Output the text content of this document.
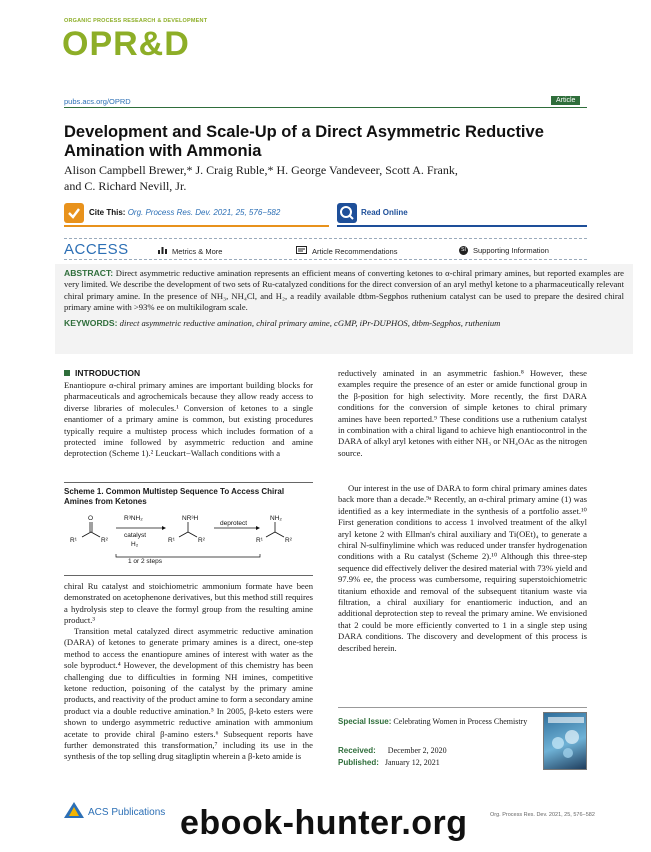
ORGANIC PROCESS RESEARCH & DEVELOPMENT
OPR&D
pubs.acs.org/OPRD	Article
Development and Scale-Up of a Direct Asymmetric Reductive
Amination with Ammonia
Alison Campbell Brewer,* J. Craig Ruble,* H. George Vandeveer, Scott A. Frank,
and C. Richard Nevill, Jr.
Cite This: Org. Process Res. Dev. 2021, 25, 576−582	Read Online
ACCESS	Metrics & More	Article Recommendations	SI Supporting Information

ABSTRACT: Direct asymmetric reductive amination represents an efficient means of converting ketones to α-chiral primary amines, but reported examples are very limited. We describe the development of two sets of Ru-catalyzed conditions for the direct conversion of an aryl methyl ketone to a pharmaceutically relevant chiral primary amine. In the presence of NH₃, NH₄Cl, and H₂, a readily available dtbm-Segphos ruthenium catalyst can be used to prepare the desired chiral primary amine with >93% ee on multikilogram scale.

KEYWORDS: direct asymmetric reductive amination, chiral primary amine, cGMP, iPr-DUPHOS, dtbm-Segphos, ruthenium

INTRODUCTION
Enantiopure α-chiral primary amines are important building blocks for pharmaceuticals and agrochemicals because they allow ready access to diverse libraries of molecules.¹ Conversion of ketones to a single enantiomer of a primary amine is common, but existing procedures typically require a multistep process which includes formation of a protected imine followed by asymmetric reduction and amine deprotection (Scheme 1).² Leuckart−Wallach conditions with a
Scheme 1. Common Multistep Sequence To Access Chiral Amines from Ketones
O
R¹	R²
R³NH₂
catalyst
H₂
NR³H
R¹	R²
deprotect
NH₂
R¹	R²
1 or 2 steps
chiral Ru catalyst and stoichiometric ammonium formate have been demonstrated on acetophenone derivatives, but this method still requires a hydrolysis step to cleave the formyl group from the resulting amine product.³
Transition metal catalyzed direct asymmetric reductive amination (DARA) of ketones to generate primary amines is a direct, one-step method to access the enantiopure amines of interest with water as the sole byproduct.⁴ However, the development of this chemistry has been challenging due to difficulties in forming NH imines, competitive ketone reduction, poisoning of the catalyst by the primary amine products, and reactivity of the product amine to form a secondary amine product via a double reductive amination.⁵ In 2005, β-keto esters were shown to undergo asymmetric reductive amination with ammonium acetate to provide chiral β-amino esters.⁶ Subsequent reports have further demonstrated this transformation,⁷ including its use in the synthesis of the top selling drug sitagliptin wherein a β-keto amide is
reductively aminated in an asymmetric fashion.⁸ However, these examples require the presence of an ester or amide functional group in the β-position for high selectivity. More recently, the first DARA conditions for the conversion of simple ketones to chiral primary amines have been reported.⁹ These conditions use a ruthenium catalyst in combination with a chiral ligand to achieve high enantiocontrol in the DARA of alkyl aryl ketones with either NH₃ or NH₄OAc as the nitrogen source.
Our interest in the use of DARA to form chiral primary amines dates back more than a decade.⁹ᵃ Recently, an α-chiral primary amine (1) was identified as a key intermediate in the synthesis of a portfolio asset.¹⁰ First generation conditions to access 1 involved treatment of the alkyl aryl ketone 2 with Ellman's chiral auxiliary and Ti(OEt)₄ to generate a chiral N-sulfinylimine which was reduced under transfer hydrogenation conditions with a Ru catalyst (Scheme 2).¹⁰ Although this three-step sequence did effectively deliver the desired material with 73% yield and 97.9% ee, the process was cumbersome, requiring superstoichiometric titanium ethoxide and removal of the subsequent titanium waste via filtration, a chiral auxiliary for enantiomeric induction, and an additional deprotection step to reveal the primary amine. We envisioned that 2 could be more efficiently converted to 1 in a single step using DARA conditions. The discovery and development of this process is described herein.
Special Issue: Celebrating Women in Process Chemistry
Received: December 2, 2020
Published: January 12, 2021
ACS Publications	Org. Process Res. Dev. 2021, 25, 576−582
ebook-hunter.org
